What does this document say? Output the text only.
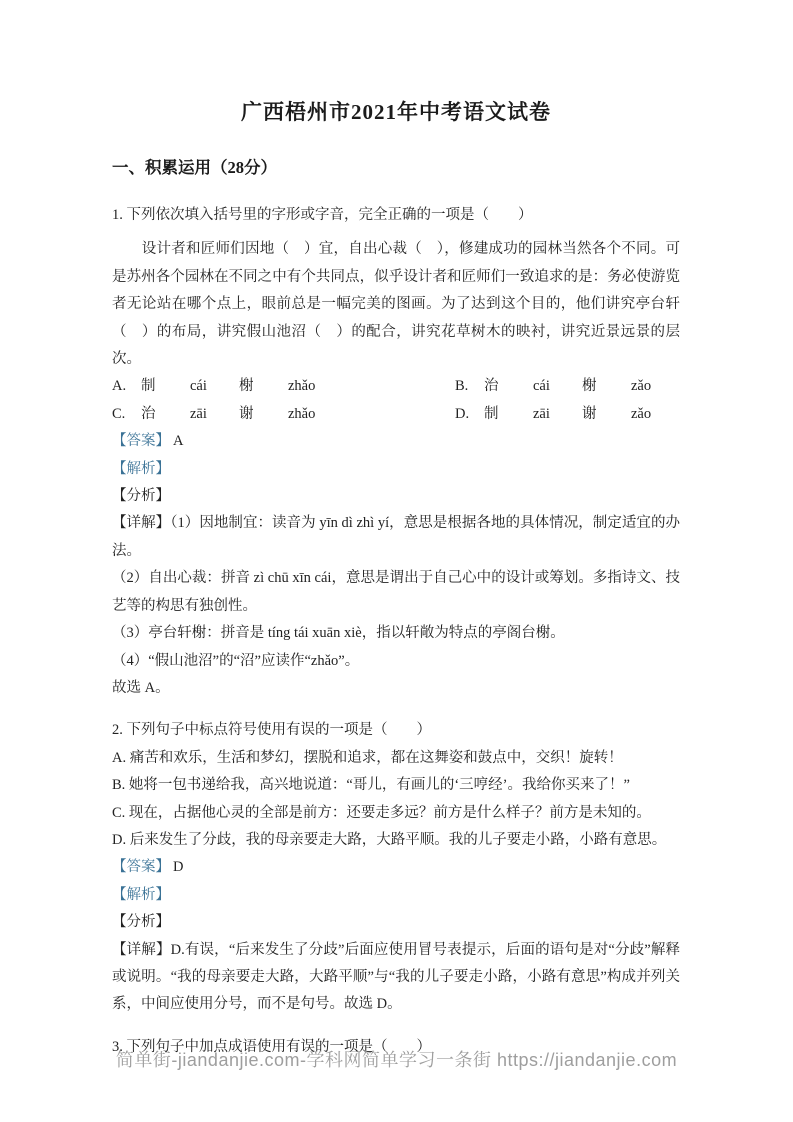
广西梧州市2021年中考语文试卷
一、积累运用（28分）

1. 下列依次填入括号里的字形或字音，完全正确的一项是（　　）

设计者和匠师们因地（　）宜，自出心裁（　），修建成功的园林当然各个不同。可是苏州各个园林在不同之中有个共同点，似乎设计者和匠师们一致追求的是：务必使游览者无论站在哪个点上，眼前总是一幅完美的图画。为了达到这个目的，他们讲究亭台轩（　）的布局，讲究假山池沼（　）的配合，讲究花草树木的映衬，讲究近景远景的层次。

A. 制 cái 榭 zhǎo	B. 治 cái 榭 zǎo
C. 治 zāi 谢 zhǎo	D. 制 zāi 谢 zǎo

【答案】 A

【解析】

【分析】

【详解】（1）因地制宜：读音为 yīn dì zhì yí，意思是根据各地的具体情况，制定适宜的办法。

（2）自出心裁：拼音 zì chū xīn cái，意思是谓出于自己心中的设计或筹划。多指诗文、技艺等的构思有独创性。

（3）亭台轩榭：拼音是 tíng tái xuān xiè，指以轩敞为特点的亭阁台榭。

（4）“假山池沼”的“沼”应读作“zhǎo”。

故选 A。

2. 下列句子中标点符号使用有误的一项是（　　）

A. 痛苦和欢乐，生活和梦幻，摆脱和追求，都在这舞姿和鼓点中，交织！旋转！

B. 她将一包书递给我，高兴地说道：“哥儿，有画儿的‘三哼经’。我给你买来了！”

C. 现在，占据他心灵的全部是前方：还要走多远？前方是什么样子？前方是未知的。

D. 后来发生了分歧，我的母亲要走大路，大路平顺。我的儿子要走小路，小路有意思。

【答案】 D

【解析】

【分析】

【详解】D.有误，“后来发生了分歧”后面应使用冒号表提示，后面的语句是对“分歧”解释或说明。“我的母亲要走大路，大路平顺”与“我的儿子要走小路，小路有意思”构成并列关系，中间应使用分号，而不是句号。故选 D。

3. 下列句子中加点成语使用有误的一项是（　　）

简单街-jiandanjie.com-学科网简单学习一条街 https://jiandanjie.com
